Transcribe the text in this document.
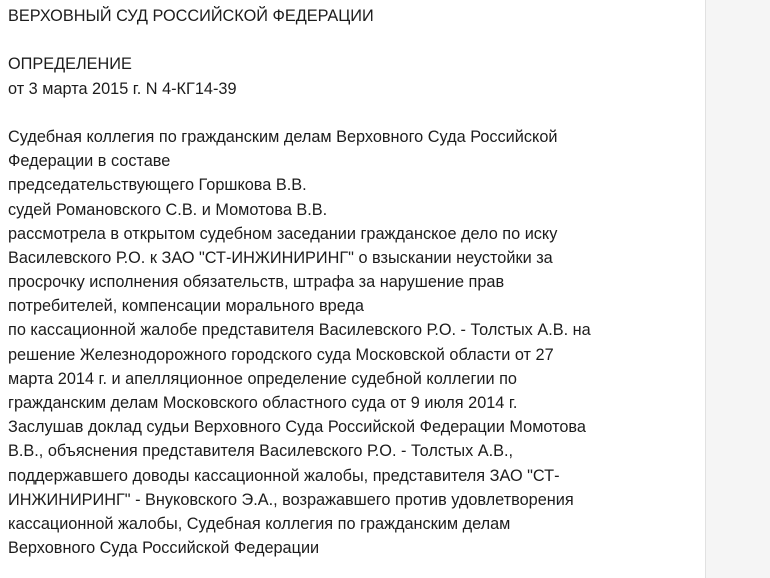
ВЕРХОВНЫЙ СУД РОССИЙСКОЙ ФЕДЕРАЦИИ
ОПРЕДЕЛЕНИЕ
от 3 марта 2015 г. N 4-КГ14-39
Судебная коллегия по гражданским делам Верховного Суда Российской
Федерации в составе
председательствующего Горшкова В.В.
судей Романовского С.В. и Момотова В.В.
рассмотрела в открытом судебном заседании гражданское дело по иску
Василевского Р.О. к ЗАО "СТ-ИНЖИНИРИНГ" о взыскании неустойки за
просрочку исполнения обязательств, штрафа за нарушение прав
потребителей, компенсации морального вреда
по кассационной жалобе представителя Василевского Р.О. - Толстых А.В. на
решение Железнодорожного городского суда Московской области от 27
марта 2014 г. и апелляционное определение судебной коллегии по
гражданским делам Московского областного суда от 9 июля 2014 г.
Заслушав доклад судьи Верховного Суда Российской Федерации Момотова
В.В., объяснения представителя Василевского Р.О. - Толстых А.В.,
поддержавшего доводы кассационной жалобы, представителя ЗАО "СТ-
ИНЖИНИРИНГ" - Внуковского Э.А., возражавшего против удовлетворения
кассационной жалобы, Судебная коллегия по гражданским делам
Верховного Суда Российской Федерации
